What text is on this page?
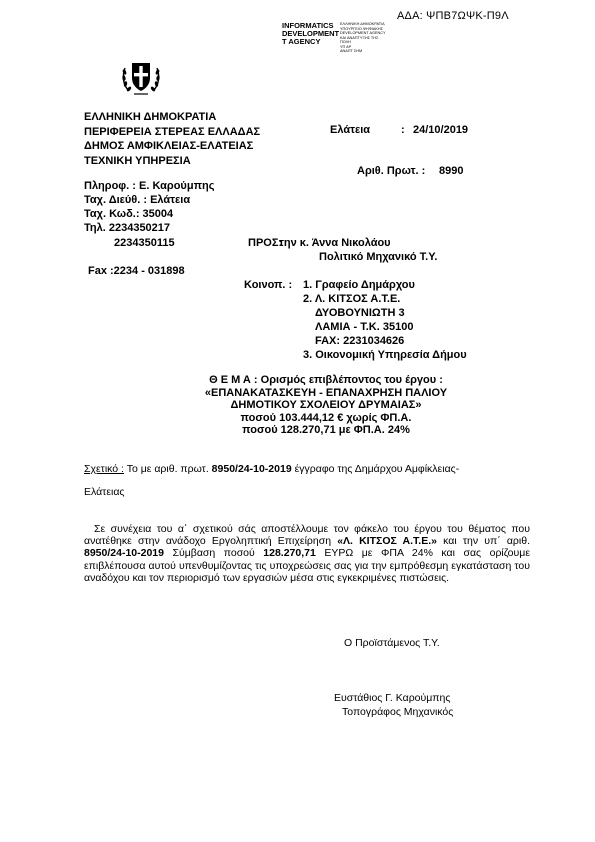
ΑΔΑ: ΨΠΒ7ΩΨΚ-Π9Λ
INFORMATICS
DEVELOPMENT
T AGENCY
ΕΛΛΗΝΙΚΗ ΔΗΜΟΚΡΑΤΙΑ
ΥΠΟΥΡΓΕΙΟ ΨΗΦΙΑΚΗΣ
DEVELOPMENT AGENCY
ΚΑΙ ΑΝΑΠΤΥΞΗΣ ΤΗΣ
ΠΟΛΗ
ΥΠ ΑΡ
ΑΝΑΠΤ ΣΗΜ
ΕΛΛΗΝΙΚΗ ΔΗΜΟΚΡΑΤΙΑ
ΠΕΡΙΦΕΡΕΙΑ ΣΤΕΡΕΑΣ ΕΛΛΑΔΑΣ
ΔΗΜΟΣ ΑΜΦΙΚΛΕΙΑΣ-ΕΛΑΤΕΙΑΣ
ΤΕΧΝΙΚΗ ΥΠΗΡΕΣΙΑ
Ελάτεια	: 24/10/2019
Αριθ. Πρωτ. : 8990
Πληροφ. : Ε. Καρούμπης
Ταχ. Διεύθ. : Ελάτεια
Ταχ. Κωδ.: 35004
Τηλ. 2234350217
2234350115
Fax :2234 - 031898
ΠΡΟΣ:
την κ. Άννα Νικολάου
Πολιτικό Μηχανικό Τ.Υ.
Κοινοπ. : 1. Γραφείο Δημάρχου
2. Λ. ΚΙΤΣΟΣ Α.Τ.Ε.
ΔΥΟΒΟΥΝΙΩΤΗ 3
ΛΑΜΙΑ - Τ.Κ. 35100
FAX: 2231034626
3. Οικονομική Υπηρεσία Δήμου
Θ Ε Μ Α : Ορισμός επιβλέποντος του έργου :
«ΕΠΑΝΑΚΑΤΑΣΚΕΥΗ - ΕΠΑΝΑΧΡΗΣΗ ΠΑΛΙΟΥ
ΔΗΜΟΤΙΚΟΥ ΣΧΟΛΕΙΟΥ ΔΡΥΜΑΙΑΣ»
ποσού 103.444,12 € χωρίς ΦΠ.Α.
ποσού 128.270,71 με ΦΠ.Α. 24%
Σχετικό : Το με αριθ. πρωτ. 8950/24-10-2019 έγγραφο της Δημάρχου Αμφίκλειας-
Ελάτειας
Σε συνέχεια του α΄ σχετικού σάς αποστέλλουμε τον φάκελο του έργου του θέματος που ανατέθηκε στην ανάδοχο Εργοληπτική Επιχείρηση «Λ. ΚΙΤΣΟΣ Α.Τ.Ε.» και την υπ΄ αριθ. 8950/24-10-2019 Σύμβαση ποσού 128.270,71 ΕΥΡΩ με ΦΠΑ 24% και σας ορίζουμε επιβλέπουσα αυτού υπενθυμίζοντας τις υποχρεώσεις σας για την εμπρόθεσμη εγκατάσταση του αναδόχου και τον περιορισμό των εργασιών μέσα στις εγκεκριμένες πιστώσεις.
Ο Προϊστάμενος Τ.Υ.
Ευστάθιος Γ. Καρούμπης
Τοπογράφος Μηχανικός
